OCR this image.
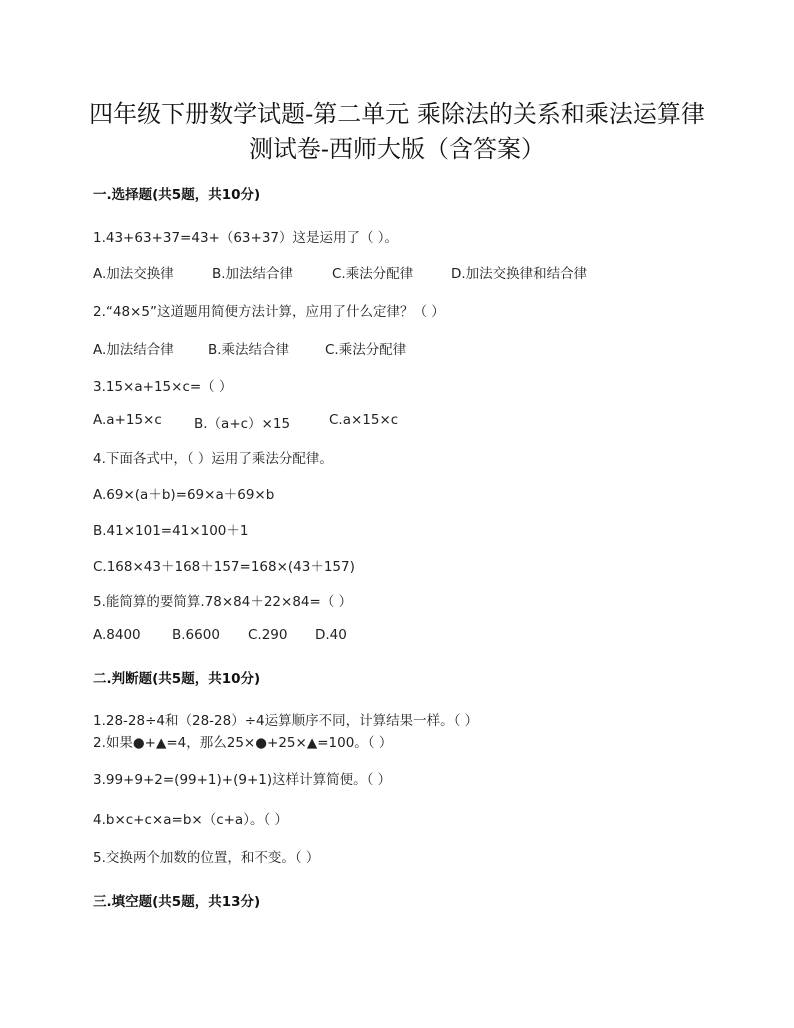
四年级下册数学试题-第二单元 乘除法的关系和乘法运算律
测试卷-西师大版（含答案）
一.选择题(共5题，共10分)
1.43+63+37=43+（63+37）这是运用了（ ）。
A.加法交换律	B.加法结合律	C.乘法分配律	D.加法交换律和结合律
2.“48×5”这道题用简便方法计算，应用了什么定律？（ ）
A.加法结合律	B.乘法结合律	C.乘法分配律
3.15×a+15×c=（ ）
A.a+15×c B.（a+c）×15	C.a×15×c
4.下面各式中，（ ）运用了乘法分配律。
A.69×(a＋b)=69×a＋69×b
B.41×101=41×100＋1
C.168×43＋168＋157=168×(43＋157)
5.能简算的要简算.78×84＋22×84=（ ）
A.8400 B.6600 C.290 D.40
二.判断题(共5题，共10分)
1.28-28÷4和（28-28）÷4运算顺序不同，计算结果一样。（ ）
2.如果●+▲=4，那么25×●+25×▲=100。（ ）
3.99+9+2=(99+1)+(9+1)这样计算简便。（ ）
4.b×c+c×a=b×（c+a）。（ ）
5.交换两个加数的位置，和不变。（ ）
三.填空题(共5题，共13分)
